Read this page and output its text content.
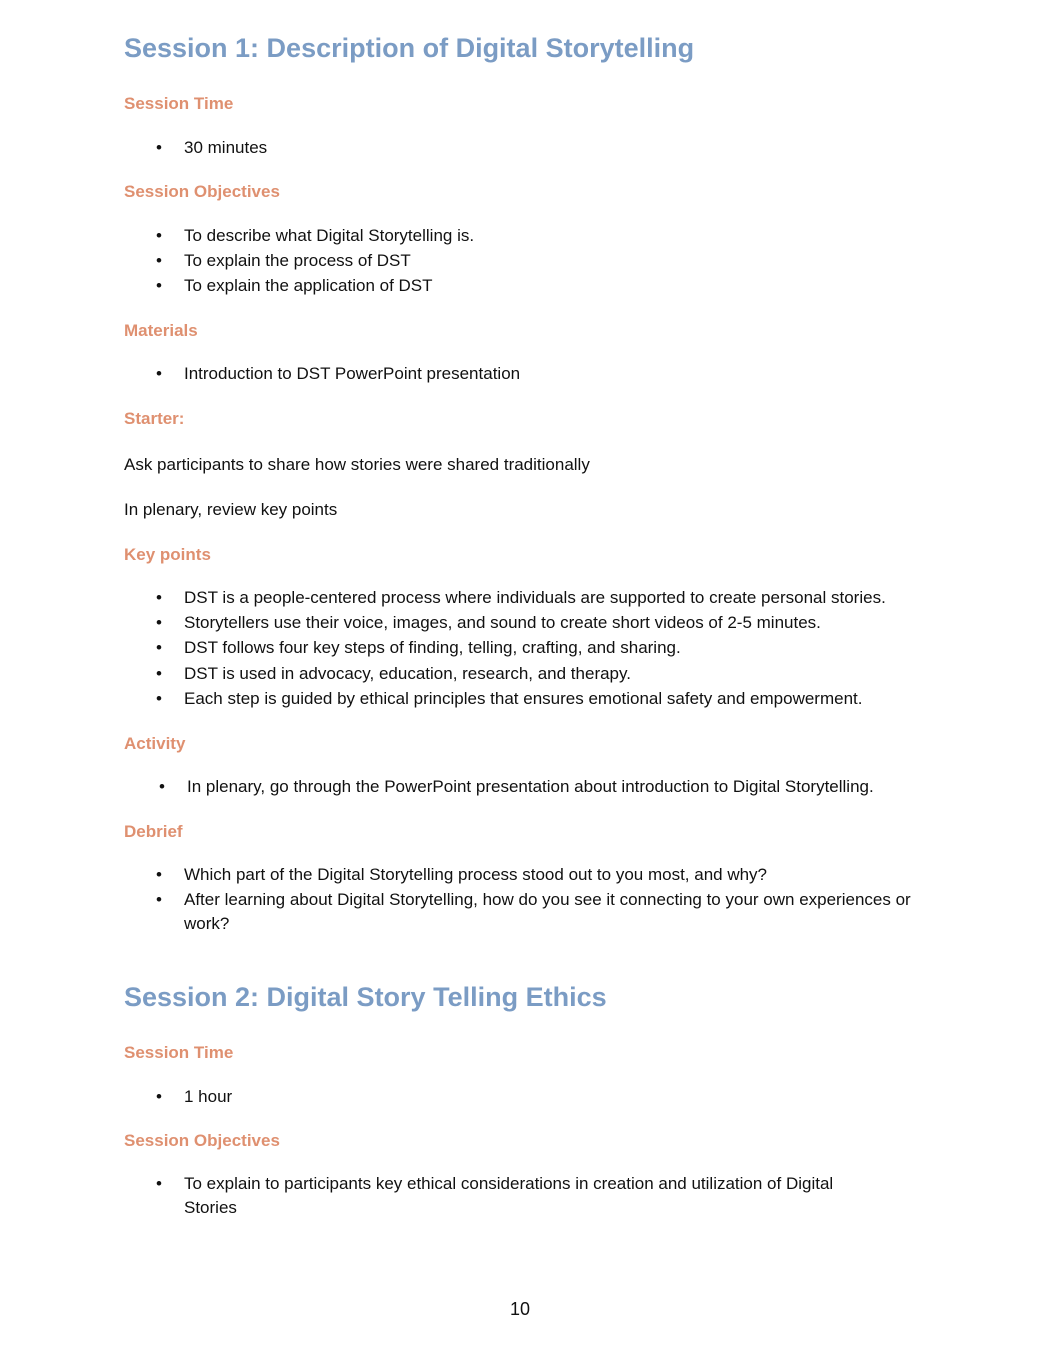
Session 1: Description of Digital Storytelling
Session Time
• 30 minutes
Session Objectives
• To describe what Digital Storytelling is.
• To explain the process of DST
• To explain the application of DST
Materials
• Introduction to DST PowerPoint presentation
Starter:
Ask participants to share how stories were shared traditionally
In plenary, review key points
Key points
• DST is a people-centered process where individuals are supported to create personal stories.
• Storytellers use their voice, images, and sound to create short videos of 2-5 minutes.
• DST follows four key steps of finding, telling, crafting, and sharing.
• DST is used in advocacy, education, research, and therapy.
• Each step is guided by ethical principles that ensures emotional safety and empowerment.
Activity
• In plenary, go through the PowerPoint presentation about introduction to Digital Storytelling.
Debrief
• Which part of the Digital Storytelling process stood out to you most, and why?
• After learning about Digital Storytelling, how do you see it connecting to your own experiences or work?
Session 2: Digital Story Telling Ethics
Session Time
• 1 hour
Session Objectives
• To explain to participants key ethical considerations in creation and utilization of Digital Stories
10
